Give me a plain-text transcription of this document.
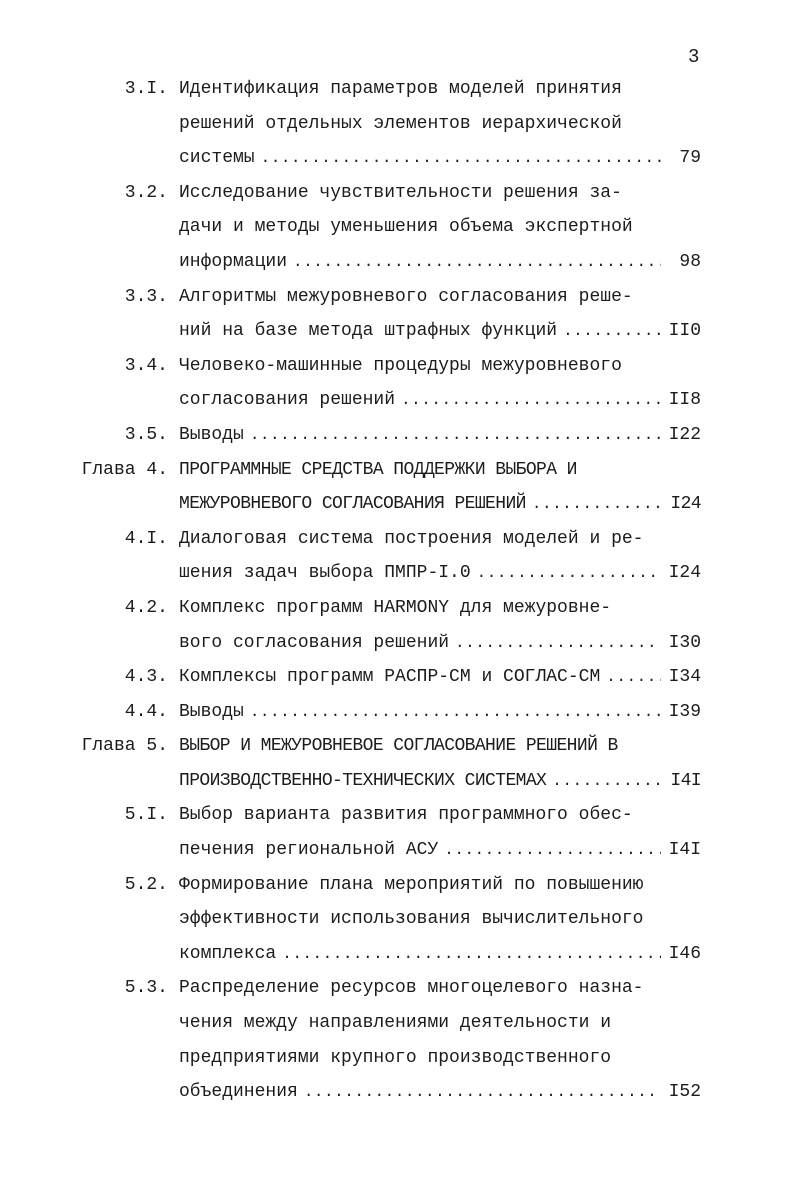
3
3.I. Идентификация параметров моделей принятия
решений отдельных элементов иерархической
системы .....	79
3.2. Исследование чувствительности решения за-
дачи и методы уменьшения объема экспертной
информации .....	98
3.3. Алгоритмы межуровневого согласования реше-
ний на базе метода штрафных функций .....	II0
3.4. Человеко-машинные процедуры межуровневого
согласования решений .....	II8
3.5. Выводы .....	I22
Глава 4. ПРОГРАММНЫЕ СРЕДСТВА ПОДДЕРЖКИ ВЫБОРА И
МЕЖУРОВНЕВОГО СОГЛАСОВАНИЯ РЕШЕНИЙ .....	I24
4.I. Диалоговая система построения моделей и ре-
шения задач выбора ПМПР-I.0 .....	I24
4.2. Комплекс программ HARMONY для межуровне-
вого согласования решений .....	I30
4.3. Комплексы программ РАСПР-СМ и СОГЛАС-СМ .....	I34
4.4. Выводы .....	I39
Глава 5. ВЫБОР И МЕЖУРОВНЕВОЕ СОГЛАСОВАНИЕ РЕШЕНИЙ В
ПРОИЗВОДСТВЕННО-ТЕХНИЧЕСКИХ СИСТЕМАХ .....	I4I
5.I. Выбор варианта развития программного обес-
печения региональной АСУ .....	I4I
5.2. Формирование плана мероприятий по повышению
эффективности использования вычислительного
комплекса .....	I46
5.3. Распределение ресурсов многоцелевого назна-
чения между направлениями деятельности и
предприятиями крупного производственного
объединения .....	I52
